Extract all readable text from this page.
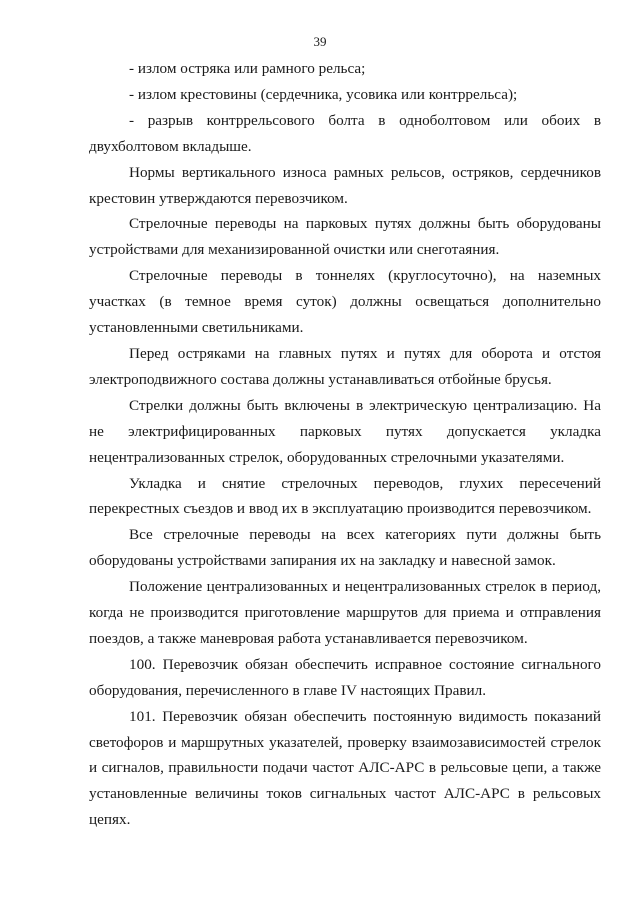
39

- излом остряка или рамного рельса;

- излом крестовины (сердечника, усовика или контррельса);

- разрыв контррельсового болта в одноболтовом или обоих в двухболтовом вкладыше.

Нормы вертикального износа рамных рельсов, остряков, сердечников крестовин утверждаются перевозчиком.

Стрелочные переводы на парковых путях должны быть оборудованы устройствами для механизированной очистки или снеготаяния.

Стрелочные переводы в тоннелях (круглосуточно), на наземных участках (в темное время суток) должны освещаться дополнительно установленными светильниками.

Перед остряками на главных путях и путях для оборота и отстоя электроподвижного состава должны устанавливаться отбойные брусья.

Стрелки должны быть включены в электрическую централизацию. На не электрифицированных парковых путях допускается укладка нецентрализованных стрелок, оборудованных стрелочными указателями.

Укладка и снятие стрелочных переводов, глухих пересечений перекрестных съездов и ввод их в эксплуатацию производится перевозчиком.

Все стрелочные переводы на всех категориях пути должны быть оборудованы устройствами запирания их на закладку и навесной замок.

Положение централизованных и нецентрализованных стрелок в период, когда не производится приготовление маршрутов для приема и отправления поездов, а также маневровая работа устанавливается перевозчиком.

100. Перевозчик обязан обеспечить исправное состояние сигнального оборудования, перечисленного в главе IV настоящих Правил.

101. Перевозчик обязан обеспечить постоянную видимость показаний светофоров и маршрутных указателей, проверку взаимозависимостей стрелок и сигналов, правильности подачи частот АЛС-АРС в рельсовые цепи, а также установленные величины токов сигнальных частот АЛС-АРС в рельсовых цепях.
